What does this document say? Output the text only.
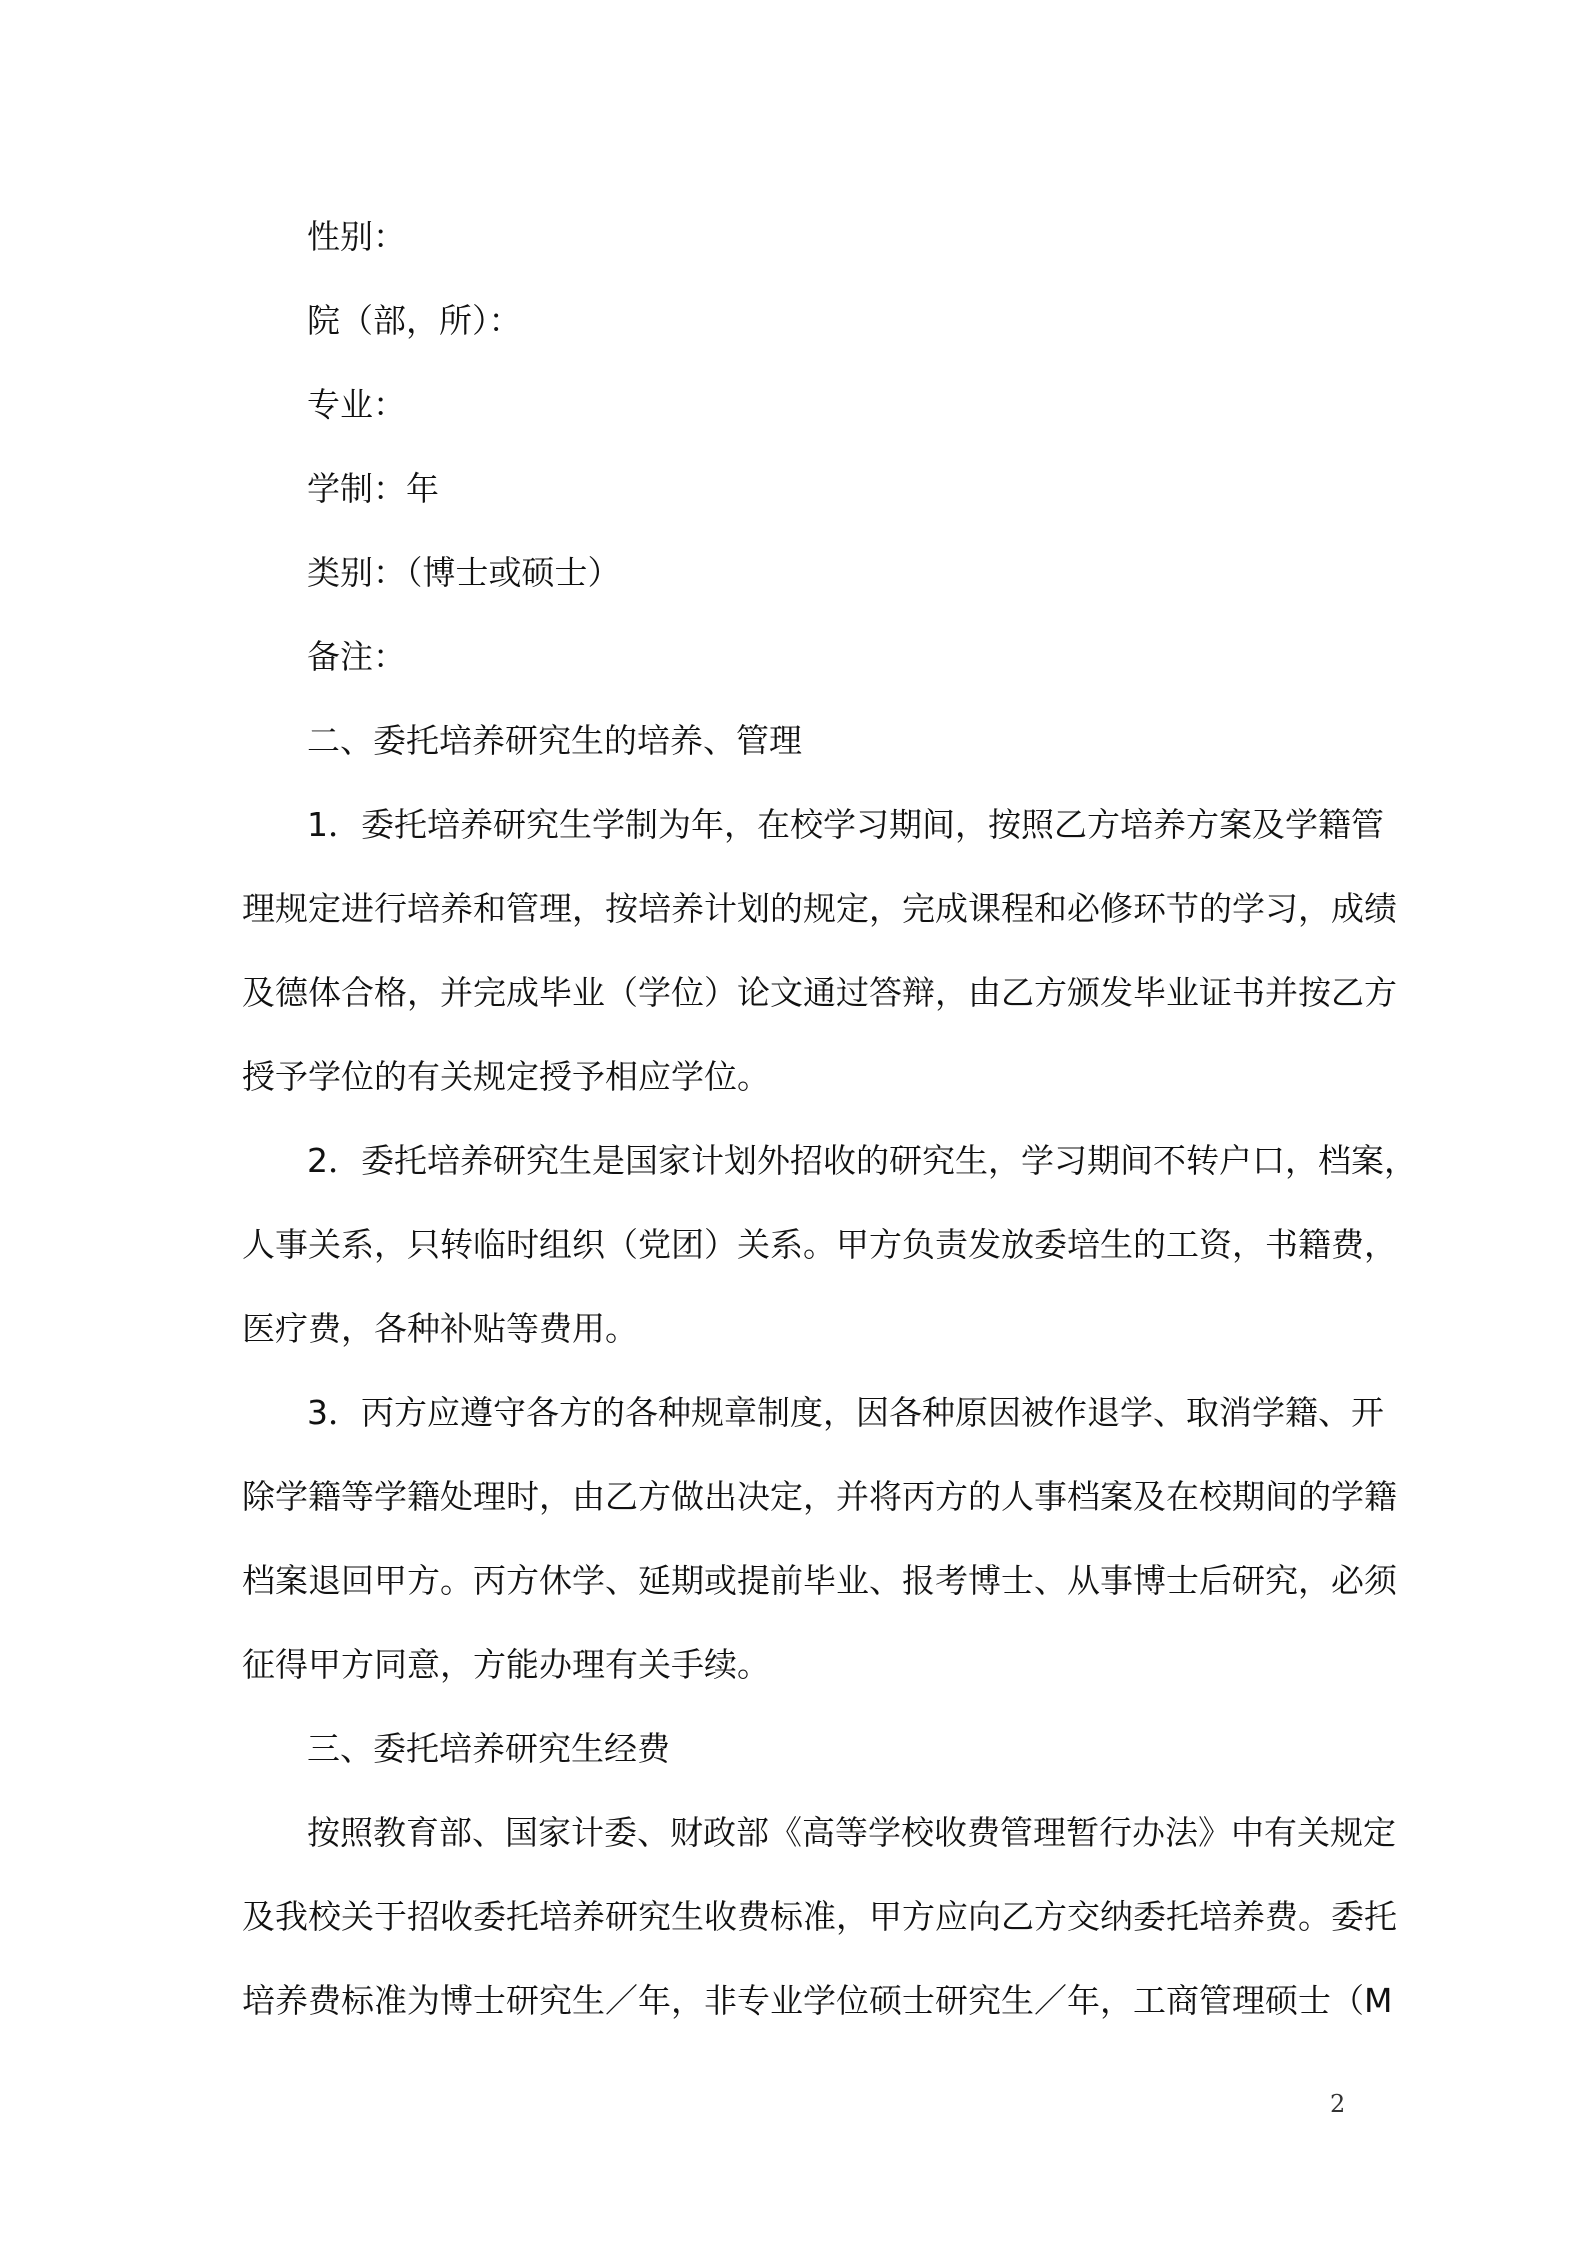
性别：
院（部，所）：
专业：
学制：年
类别：（博士或硕士）
备注：
二、委托培养研究生的培养、管理

1．委托培养研究生学制为年，在校学习期间，按照乙方培养方案及学籍管
理规定进行培养和管理，按培养计划的规定，完成课程和必修环节的学习，成绩
及德体合格，并完成毕业（学位）论文通过答辩，由乙方颁发毕业证书并按乙方
授予学位的有关规定授予相应学位。

2．委托培养研究生是国家计划外招收的研究生，学习期间不转户口，档案，
人事关系，只转临时组织（党团）关系。甲方负责发放委培生的工资，书籍费，
医疗费，各种补贴等费用。

3．丙方应遵守各方的各种规章制度，因各种原因被作退学、取消学籍、开
除学籍等学籍处理时，由乙方做出决定，并将丙方的人事档案及在校期间的学籍
档案退回甲方。丙方休学、延期或提前毕业、报考博士、从事博士后研究，必须
征得甲方同意，方能办理有关手续。

三、委托培养研究生经费

按照教育部、国家计委、财政部《高等学校收费管理暂行办法》中有关规定
及我校关于招收委托培养研究生收费标准，甲方应向乙方交纳委托培养费。委托
培养费标准为博士研究生／年，非专业学位硕士研究生／年，工商管理硕士（M

2
